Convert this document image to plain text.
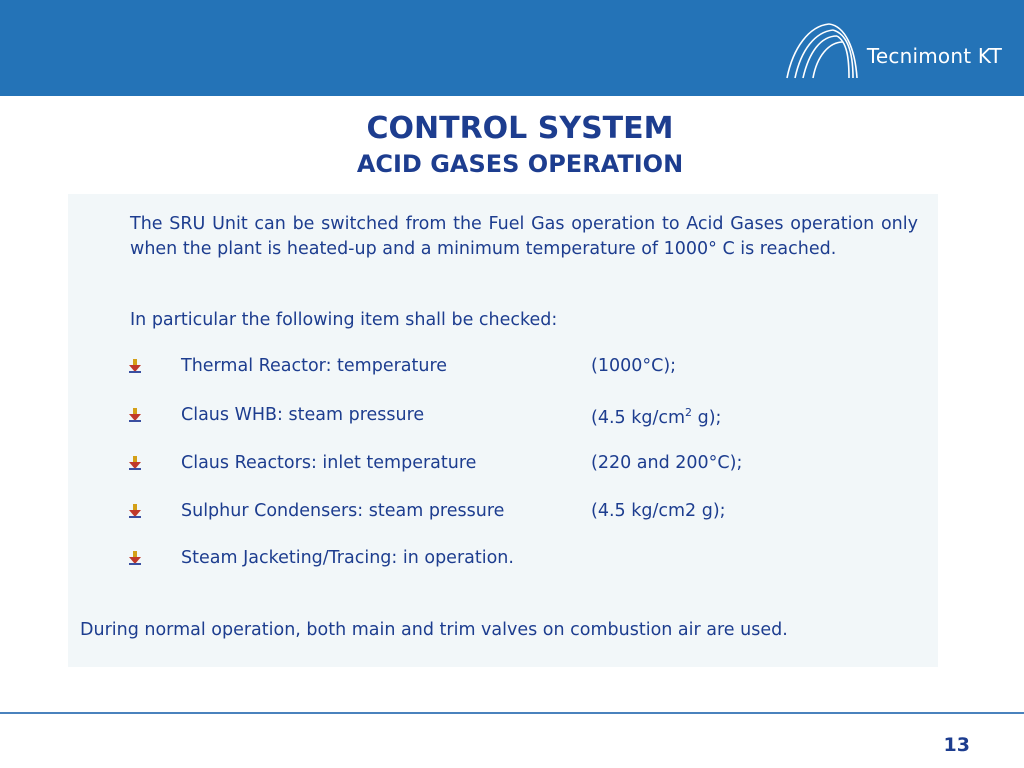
Tecnimont KT
CONTROL SYSTEM
ACID GASES OPERATION

The SRU Unit can be switched from the Fuel Gas operation to Acid Gases operation only when the plant is heated-up and a minimum temperature of 1000° C is reached.

In particular the following item shall be checked:

Thermal Reactor: temperature	(1000°C);
Claus WHB: steam pressure	(4.5 $kg/cm^2$ g);
Claus Reactors: inlet temperature	(220 and 200°C);
Sulphur Condensers: steam pressure	(4.5 kg/cm2 g);
Steam Jacketing/Tracing: in operation.

During normal operation, both main and trim valves on combustion air are used.

13
